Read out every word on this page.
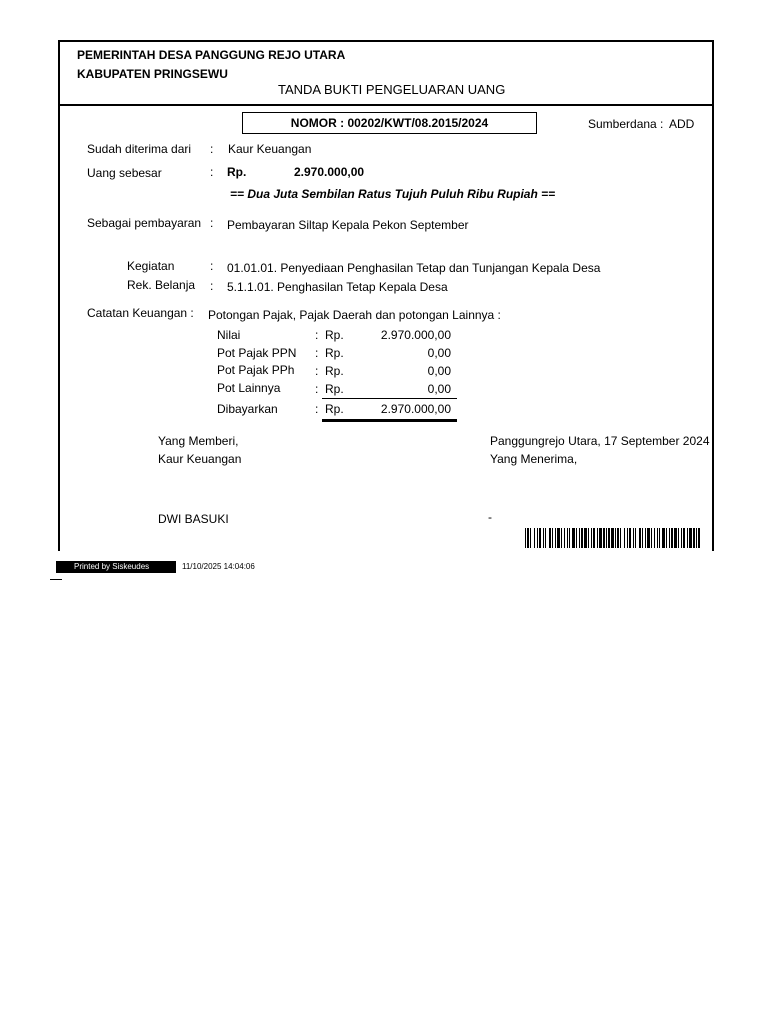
PEMERINTAH DESA PANGGUNG REJO UTARA
KABUPATEN PRINGSEWU
TANDA BUKTI PENGELUARAN UANG
NOMOR : 00202/KWT/08.2015/2024	Sumberdana : ADD
Sudah diterima dari : Kaur Keuangan
Uang sebesar	: Rp.	2.970.000,00
== Dua Juta Sembilan Ratus Tujuh Puluh Ribu Rupiah ==
Sebagai pembayaran : Pembayaran Siltap Kepala Pekon September
Kegiatan	: 01.01.01. Penyediaan Penghasilan Tetap dan Tunjangan Kepala Desa
Rek. Belanja : 5.1.1.01. Penghasilan Tetap Kepala Desa
Catatan Keuangan : Potongan Pajak, Pajak Daerah dan potongan Lainnya :
Nilai	: Rp.	2.970.000,00
Pot Pajak PPN : Rp.	0,00
Pot Pajak PPh : Rp.	0,00
Pot Lainnya	: Rp.	0,00
Dibayarkan	: Rp.	2.970.000,00
Yang Memberi,
Kaur Keuangan
DWI BASUKI
Panggungrejo Utara, 17 September 2024
Yang Menerima,
-
Printed by Siskeudes	11/10/2025 14:04:06
